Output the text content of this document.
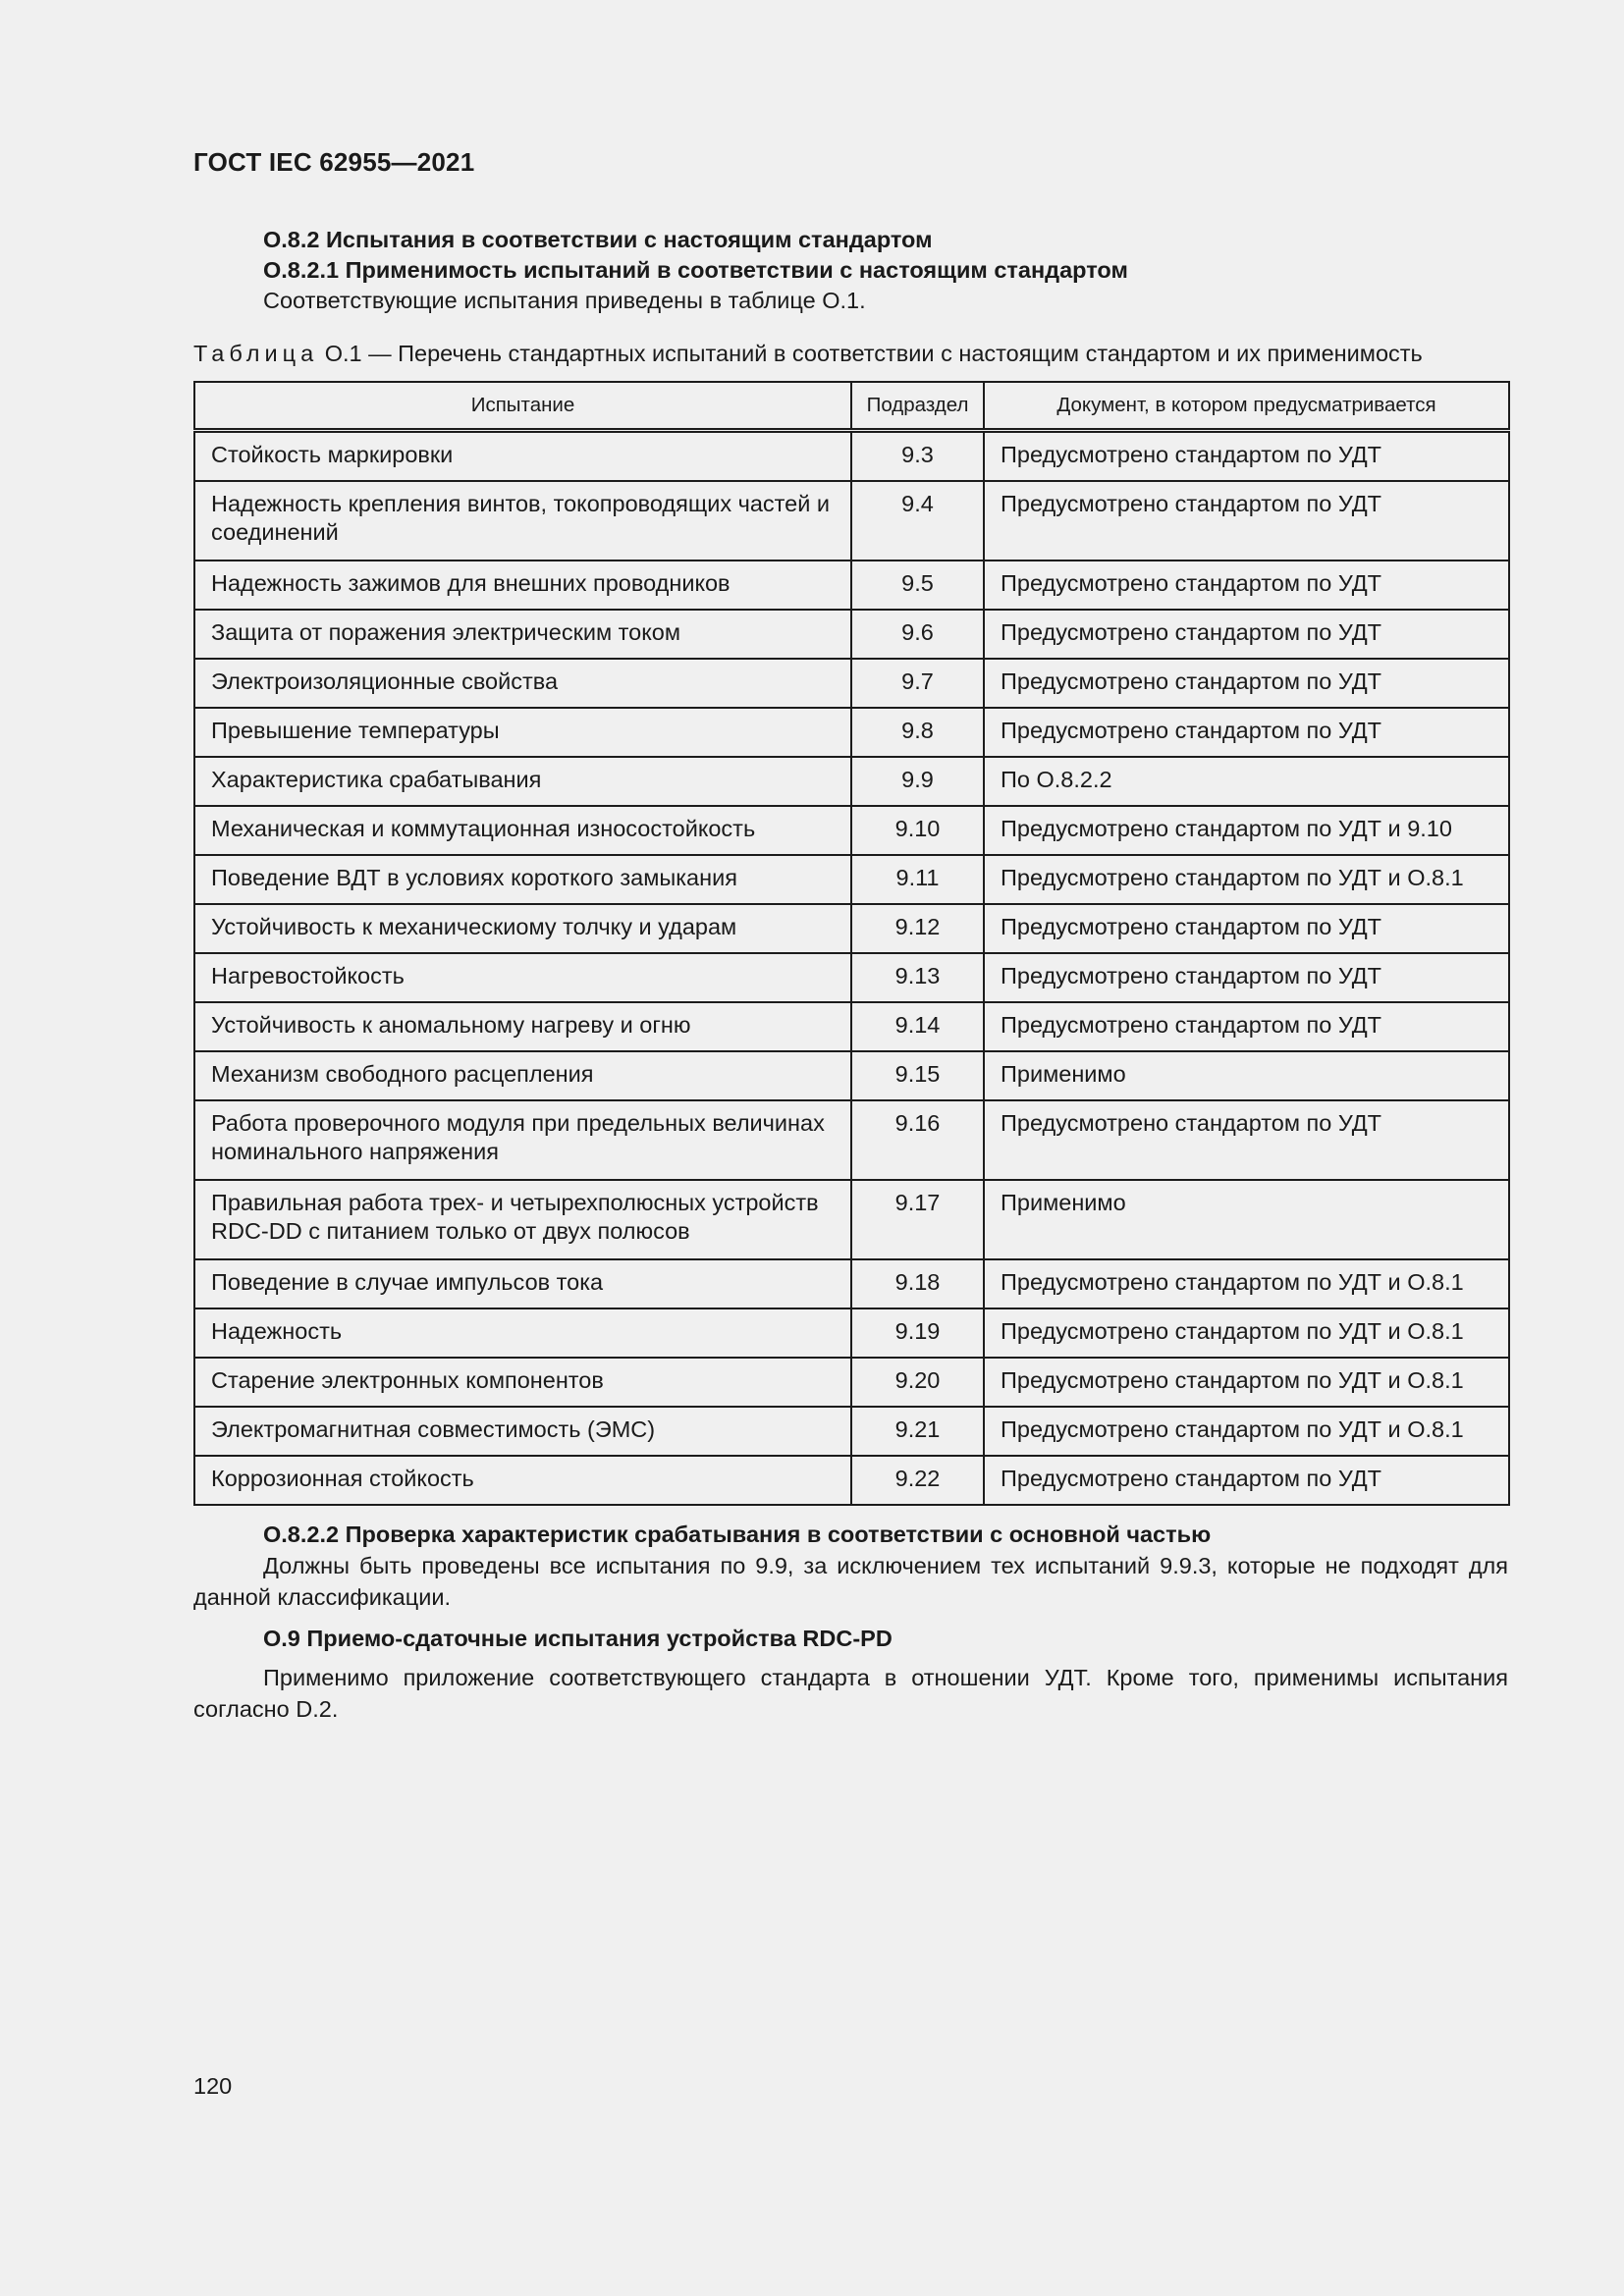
ГОСТ IEC 62955—2021
О.8.2 Испытания в соответствии с настоящим стандартом
О.8.2.1 Применимость испытаний в соответствии с настоящим стандартом
Соответствующие испытания приведены в таблице О.1.
Таблица О.1 — Перечень стандартных испытаний в соответствии с настоящим стандартом и их применимость
Испытание	Подраздел	Документ, в котором предусматривается
Стойкость маркировки	9.3	Предусмотрено стандартом по УДТ
Надежность крепления винтов, токопроводящих частей и соединений	9.4	Предусмотрено стандартом по УДТ
Надежность зажимов для внешних проводников	9.5	Предусмотрено стандартом по УДТ
Защита от поражения электрическим током	9.6	Предусмотрено стандартом по УДТ
Электроизоляционные свойства	9.7	Предусмотрено стандартом по УДТ
Превышение температуры	9.8	Предусмотрено стандартом по УДТ
Характеристика срабатывания	9.9	По О.8.2.2
Механическая и коммутационная износостойкость	9.10	Предусмотрено стандартом по УДТ и 9.10
Поведение ВДТ в условиях короткого замыкания	9.11	Предусмотрено стандартом по УДТ и О.8.1
Устойчивость к механическиому толчку и ударам	9.12	Предусмотрено стандартом по УДТ
Нагревостойкость	9.13	Предусмотрено стандартом по УДТ
Устойчивость к аномальному нагреву и огню	9.14	Предусмотрено стандартом по УДТ
Механизм свободного расцепления	9.15	Применимо
Работа проверочного модуля при предельных величинах номинального напряжения	9.16	Предусмотрено стандартом по УДТ
Правильная работа трех- и четырехполюсных устройств RDC-DD с питанием только от двух полюсов	9.17	Применимо
Поведение в случае импульсов тока	9.18	Предусмотрено стандартом по УДТ и О.8.1
Надежность	9.19	Предусмотрено стандартом по УДТ и О.8.1
Старение электронных компонентов	9.20	Предусмотрено стандартом по УДТ и О.8.1
Электромагнитная совместимость (ЭМС)	9.21	Предусмотрено стандартом по УДТ и О.8.1
Коррозионная стойкость	9.22	Предусмотрено стандартом по УДТ
О.8.2.2 Проверка характеристик срабатывания в соответствии с основной частью
Должны быть проведены все испытания по 9.9, за исключением тех испытаний 9.9.3, которые не подходят для данной классификации.
О.9 Приемо-сдаточные испытания устройства RDC-PD
Применимо приложение соответствующего стандарта в отношении УДТ. Кроме того, применимы испытания согласно D.2.
120
